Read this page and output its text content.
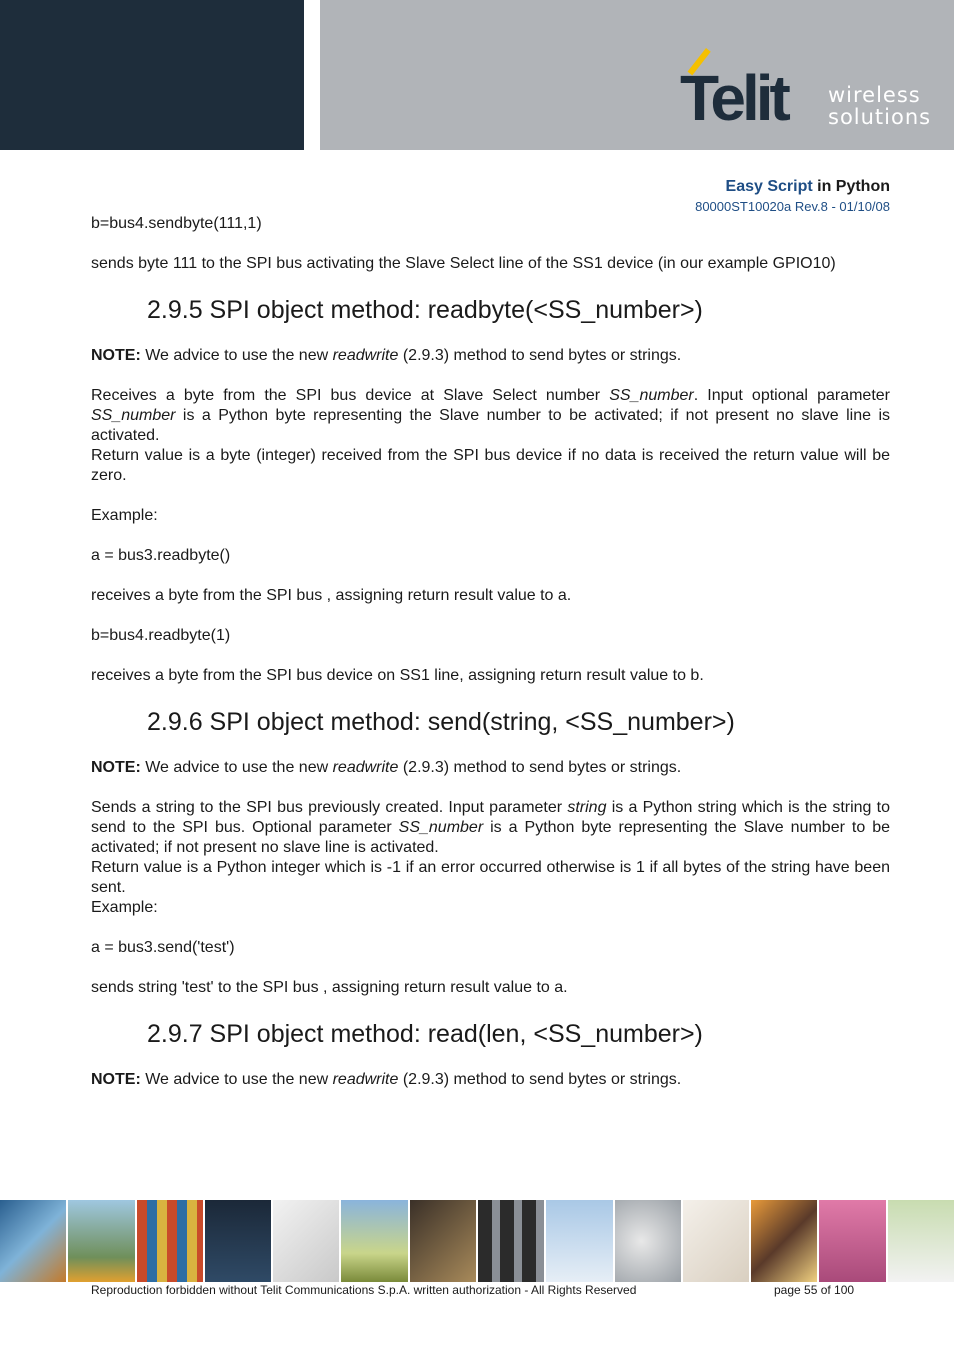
Telit wireless
solutions
Easy Script in Python
80000ST10020a Rev.8 - 01/10/08

b=bus4.sendbyte(111,1)

sends byte 111 to the SPI bus activating the Slave Select line of the SS1 device (in our example GPIO10)

2.9.5 SPI object method: readbyte(<SS_number>)

NOTE: We advice to use the new readwrite (2.9.3) method to send bytes or strings.

Receives a byte from the SPI bus device at Slave Select number SS_number. Input optional parameter SS_number is a Python byte representing the Slave number to be activated; if not present no slave line is activated.

Return value is a byte (integer) received from the SPI bus device if no data is received the return value will be zero.

Example:

a = bus3.readbyte()

receives a byte from the SPI bus , assigning return result value to a.

b=bus4.readbyte(1)

receives a byte from the SPI bus device on SS1 line, assigning return result value to b.

2.9.6 SPI object method: send(string, <SS_number>)

NOTE: We advice to use the new readwrite (2.9.3) method to send bytes or strings.

Sends a string to the SPI bus previously created. Input parameter string is a Python string which is the string to send to the SPI bus. Optional parameter SS_number is a Python byte representing the Slave number to be activated; if not present no slave line is activated.

Return value is a Python integer which is -1 if an error occurred otherwise is 1 if all bytes of the string have been sent.

Example:

a = bus3.send('test')

sends string 'test' to the SPI bus , assigning return result value to a.

2.9.7 SPI object method: read(len, <SS_number>)

NOTE: We advice to use the new readwrite (2.9.3) method to send bytes or strings.

Reproduction forbidden without Telit Communications S.p.A. written authorization - All Rights Reserved	page 55 of 100
